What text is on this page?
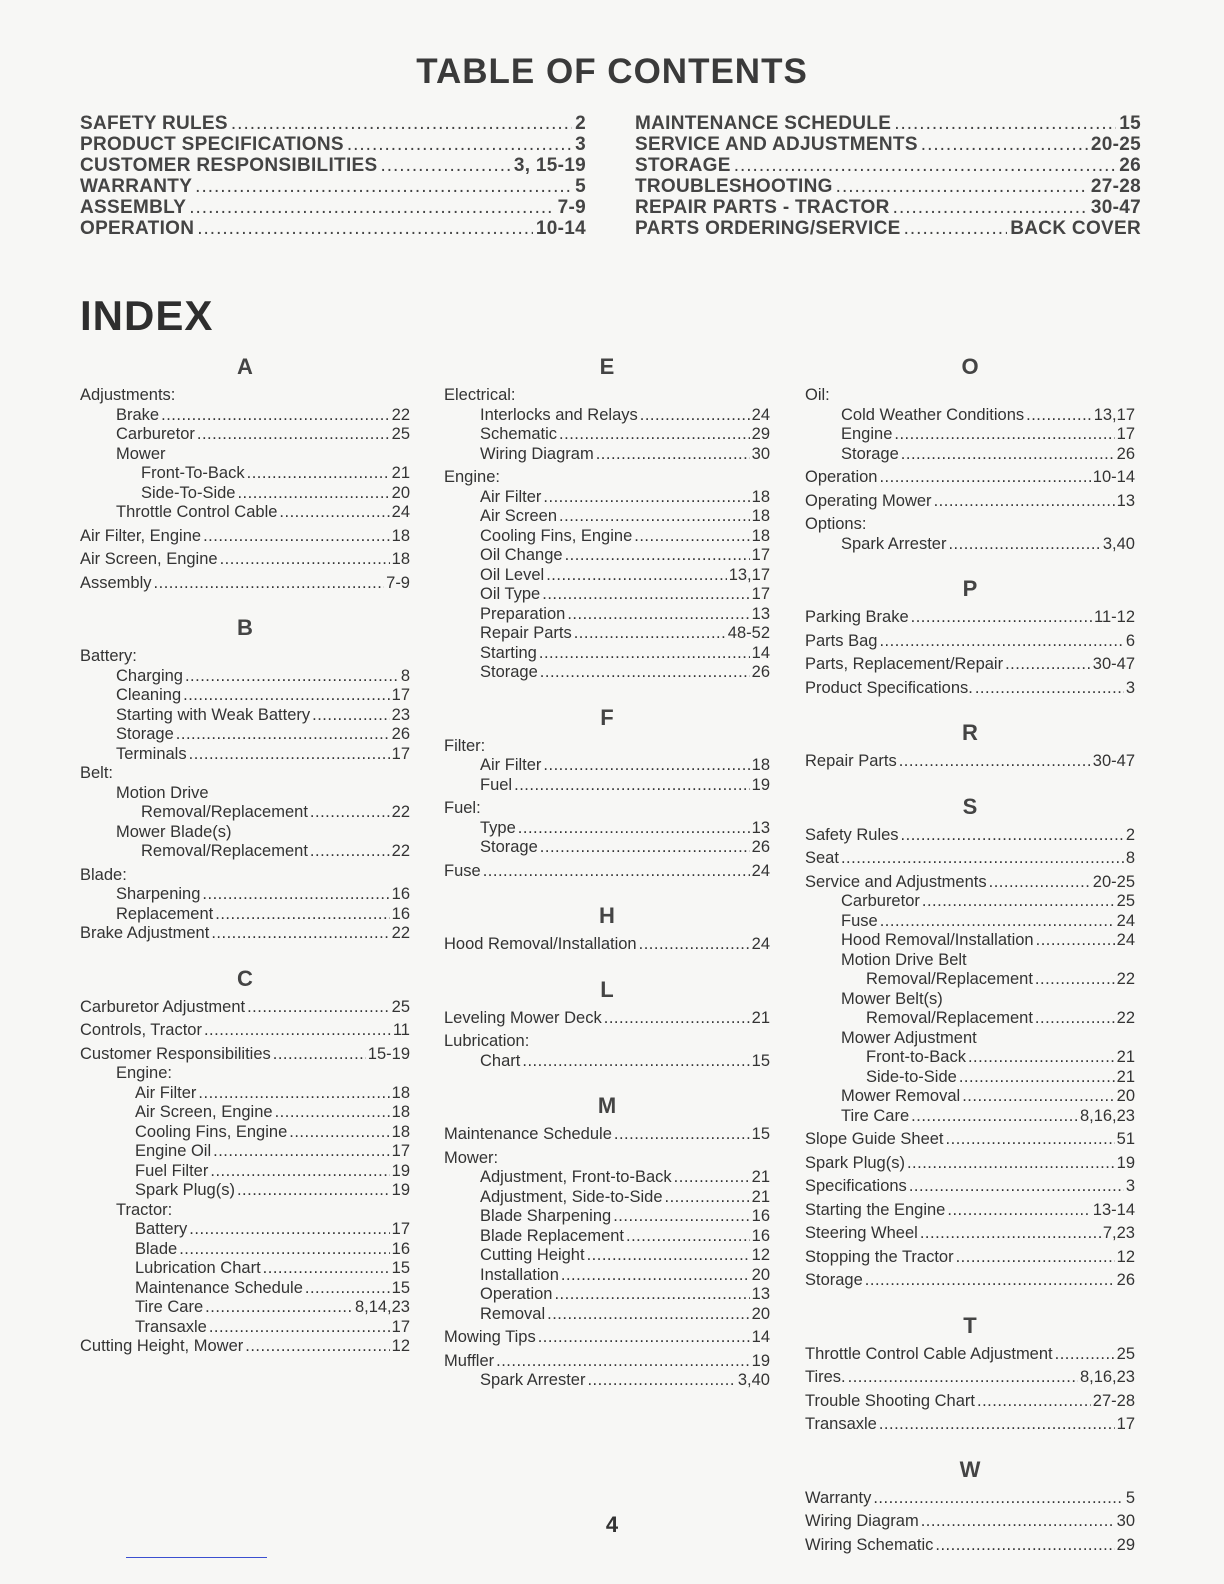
TABLE OF CONTENTS
SAFETY RULES .....	2
PRODUCT SPECIFICATIONS .....	3
CUSTOMER RESPONSIBILITIES .....	3, 15-19
WARRANTY .....	5
ASSEMBLY .....	7-9
OPERATION .....	10-14
MAINTENANCE SCHEDULE .....	15
SERVICE AND ADJUSTMENTS .....	20-25
STORAGE .....	26
TROUBLESHOOTING .....	27-28
REPAIR PARTS - TRACTOR .....	30-47
PARTS ORDERING/SERVICE .....	BACK COVER
INDEX
A
Adjustments:
Brake .....	22
Carburetor .....	25
Mower
Front-To-Back .....	21
Side-To-Side .....	20
Throttle Control Cable .....	24
Air Filter, Engine .....	18
Air Screen, Engine .....	18
Assembly .....	7-9
B
Battery:
Charging .....	8
Cleaning .....	17
Starting with Weak Battery .....	23
Storage .....	26
Terminals .....	17
Belt:
Motion Drive
Removal/Replacement .....	22
Mower Blade(s)
Removal/Replacement .....	22
Blade:
Sharpening .....	16
Replacement .....	16
Brake Adjustment .....	22
C
Carburetor Adjustment .....	25
Controls, Tractor .....	11
Customer Responsibilities .....	15-19
Engine:
Air Filter .....	18
Air Screen, Engine .....	18
Cooling Fins, Engine .....	18
Engine Oil .....	17
Fuel Filter .....	19
Spark Plug(s) .....	19
Tractor:
Battery .....	17
Blade .....	16
Lubrication Chart .....	15
Maintenance Schedule .....	15
Tire Care .....	8,14,23
Transaxle .....	17
Cutting Height, Mower .....	12
E
Electrical:
Interlocks and Relays .....	24
Schematic .....	29
Wiring Diagram .....	30
Engine:
Air Filter .....	18
Air Screen .....	18
Cooling Fins, Engine .....	18
Oil Change .....	17
Oil Level .....	13,17
Oil Type .....	17
Preparation .....	13
Repair Parts .....	48-52
Starting .....	14
Storage .....	26
F
Filter:
Air Filter .....	18
Fuel .....	19
Fuel:
Type .....	13
Storage .....	26
Fuse .....	24
H
Hood Removal/Installation .....	24
L
Leveling Mower Deck .....	21
Lubrication:
Chart .....	15
M
Maintenance Schedule .....	15
Mower:
Adjustment, Front-to-Back .....	21
Adjustment, Side-to-Side .....	21
Blade Sharpening .....	16
Blade Replacement .....	16
Cutting Height .....	12
Installation .....	20
Operation .....	13
Removal .....	20
Mowing Tips .....	14
Muffler .....	19
Spark Arrester .....	3,40
O
Oil:
Cold Weather Conditions .....	13,17
Engine .....	17
Storage .....	26
Operation .....	10-14
Operating Mower .....	13
Options:
Spark Arrester .....	3,40
P
Parking Brake .....	11-12
Parts Bag .....	6
Parts, Replacement/Repair .....	30-47
Product Specifications. .....	3
R
Repair Parts .....	30-47
S
Safety Rules .....	2
Seat .....	8
Service and Adjustments .....	20-25
Carburetor .....	25
Fuse .....	24
Hood Removal/Installation .....	24
Motion Drive Belt
Removal/Replacement .....	22
Mower Belt(s)
Removal/Replacement .....	22
Mower Adjustment
Front-to-Back .....	21
Side-to-Side .....	21
Mower Removal .....	20
Tire Care .....	8,16,23
Slope Guide Sheet .....	51
Spark Plug(s) .....	19
Specifications .....	3
Starting the Engine .....	13-14
Steering Wheel .....	7,23
Stopping the Tractor .....	12
Storage .....	26
T
Throttle Control Cable Adjustment .....	25
Tires. .....	8,16,23
Trouble Shooting Chart .....	27-28
Transaxle .....	17
W
Warranty .....	5
Wiring Diagram .....	30
Wiring Schematic .....	29
4
